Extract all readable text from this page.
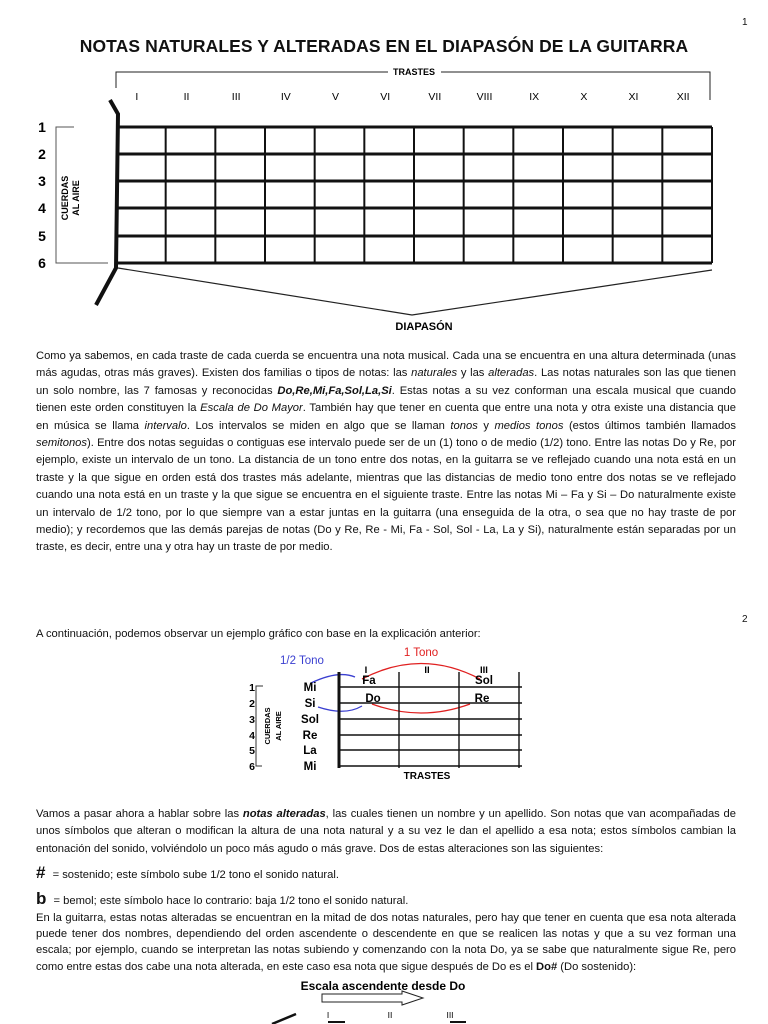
1
NOTAS NATURALES Y ALTERADAS EN EL DIAPASÓN DE LA GUITARRA
TRASTES
I	II	III	IV	V	VI	VII	VIII	IX	X	XI	XII
1
2
3
4
5
6
CUERDAS AL AIRE
DIAPASÓN
Como ya sabemos, en cada traste de cada cuerda se encuentra una nota musical. Cada una se encuentra en una altura determinada (unas más agudas, otras más graves). Existen dos familias o tipos de notas: las naturales y las alteradas. Las notas naturales son las que tienen un solo nombre, las 7 famosas y reconocidas Do,Re,Mi,Fa,Sol,La,Si. Estas notas a su vez conforman una escala musical que cuando tienen este orden constituyen la Escala de Do Mayor. También hay que tener en cuenta que entre una nota y otra existe una distancia que en música se llama intervalo. Los intervalos se miden en algo que se llaman tonos y medios tonos (estos últimos también llamados semitonos). Entre dos notas seguidas o contiguas ese intervalo puede ser de un (1) tono o de medio (1/2) tono. Entre las notas Do y Re, por ejemplo, existe un intervalo de un tono. La distancia de un tono entre dos notas, en la guitarra se ve reflejado cuando una nota está en un traste y la que sigue en orden está dos trastes más adelante, mientras que las distancias de medio tono entre dos notas se ve reflejado cuando una nota está en un traste y la que sigue se encuentra en el siguiente traste. Entre las notas Mi – Fa y Si – Do naturalmente existe un intervalo de 1/2 tono, por lo que siempre van a estar juntas en la guitarra (una enseguida de la otra, o sea que no hay traste de por medio); y recordemos que las demás parejas de notas (Do y Re, Re - Mi, Fa - Sol, Sol - La, La y Si), naturalmente están separadas por un traste, es decir, entre una y otra hay un traste de por medio.
2
A continuación, podemos observar un ejemplo gráfico con base en la explicación anterior:
1/2 Tono
1 Tono
I	II	III
1
2
3
4
5
6
Mi
Si
Sol
Re
La
Mi
CUERDAS AL AIRE
Fa	Sol
Do	Re
TRASTES
Vamos a pasar ahora a hablar sobre las notas alteradas, las cuales tienen un nombre y un apellido. Son notas que van acompañadas de unos símbolos que alteran o modifican la altura de una nota natural y a su vez le dan el apellido a esa nota; estos símbolos cambian la entonación del sonido, volviéndolo un poco más agudo o más grave. Dos de estas alteraciones son las siguientes:
# = sostenido; este símbolo sube 1/2 tono el sonido natural.
b = bemol; este símbolo hace lo contrario: baja 1/2 tono el sonido natural.
En la guitarra, estas notas alteradas se encuentran en la mitad de dos notas naturales, pero hay que tener en cuenta que esa nota alterada puede tener dos nombres, dependiendo del orden ascendente o descendente en que se realicen las notas y que a su vez forman una escala; por ejemplo, cuando se interpretan las notas subiendo y comenzando con la nota Do, ya se sabe que naturalmente sigue Re, pero como entre estas dos cabe una nota alterada, en este caso esa nota que sigue después de Do es el Do# (Do sostenido):
Escala ascendente desde Do
I	II	III
